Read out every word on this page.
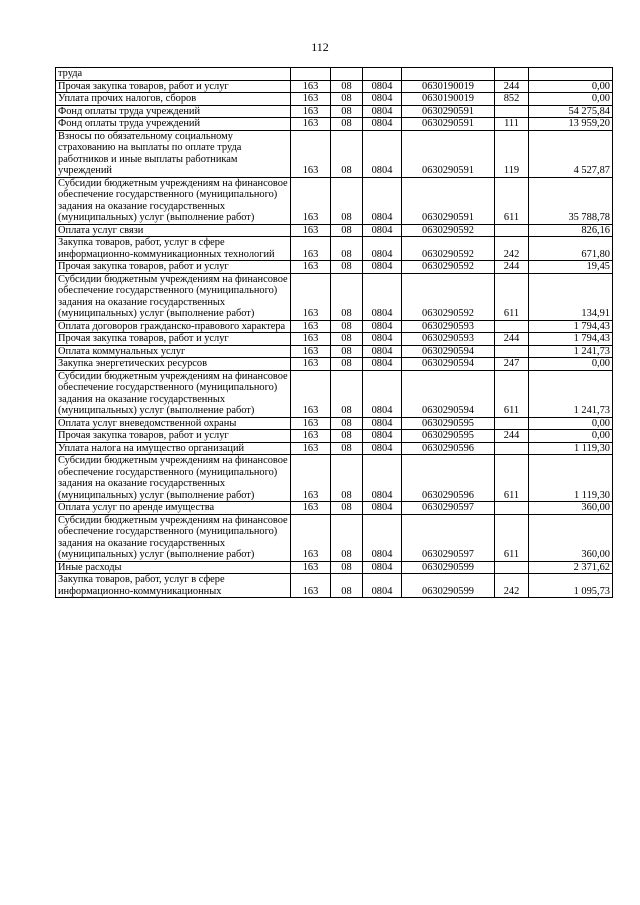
112
труда						
Прочая закупка товаров, работ и услуг	163	08	0804	0630190019	244	0,00
Уплата прочих налогов, сборов	163	08	0804	0630190019	852	0,00
Фонд оплаты труда учреждений	163	08	0804	0630290591		54 275,84
Фонд оплаты труда учреждений	163	08	0804	0630290591	111	13 959,20
Взносы по обязательному социальному страхованию на выплаты по оплате труда работников и иные выплаты работникам учреждений	163	08	0804	0630290591	119	4 527,87
Субсидии бюджетным учреждениям на финансовое обеспечение государственного (муниципального) задания на оказание государственных (муниципальных) услуг (выполнение работ)	163	08	0804	0630290591	611	35 788,78
Оплата услуг связи	163	08	0804	0630290592		826,16
Закупка товаров, работ, услуг в сфере информационно-коммуникационных технологий	163	08	0804	0630290592	242	671,80
Прочая закупка товаров, работ и услуг	163	08	0804	0630290592	244	19,45
Субсидии бюджетным учреждениям на финансовое обеспечение государственного (муниципального) задания на оказание государственных (муниципальных) услуг (выполнение работ)	163	08	0804	0630290592	611	134,91
Оплата договоров гражданско-правового характера	163	08	0804	0630290593		1 794,43
Прочая закупка товаров, работ и услуг	163	08	0804	0630290593	244	1 794,43
Оплата коммунальных услуг	163	08	0804	0630290594		1 241,73
Закупка энергетических ресурсов	163	08	0804	0630290594	247	0,00
Субсидии бюджетным учреждениям на финансовое обеспечение государственного (муниципального) задания на оказание государственных (муниципальных) услуг (выполнение работ)	163	08	0804	0630290594	611	1 241,73
Оплата услуг вневедомственной охраны	163	08	0804	0630290595		0,00
Прочая закупка товаров, работ и услуг	163	08	0804	0630290595	244	0,00
Уплата налога на имущество организаций	163	08	0804	0630290596		1 119,30
Субсидии бюджетным учреждениям на финансовое обеспечение государственного (муниципального) задания на оказание государственных (муниципальных) услуг (выполнение работ)	163	08	0804	0630290596	611	1 119,30
Оплата услуг по аренде имущества	163	08	0804	0630290597		360,00
Субсидии бюджетным учреждениям на финансовое обеспечение государственного (муниципального) задания на оказание государственных (муниципальных) услуг (выполнение работ)	163	08	0804	0630290597	611	360,00
Иные расходы	163	08	0804	0630290599		2 371,62
Закупка товаров, работ, услуг в сфере информационно-коммуникационных	163	08	0804	0630290599	242	1 095,73
